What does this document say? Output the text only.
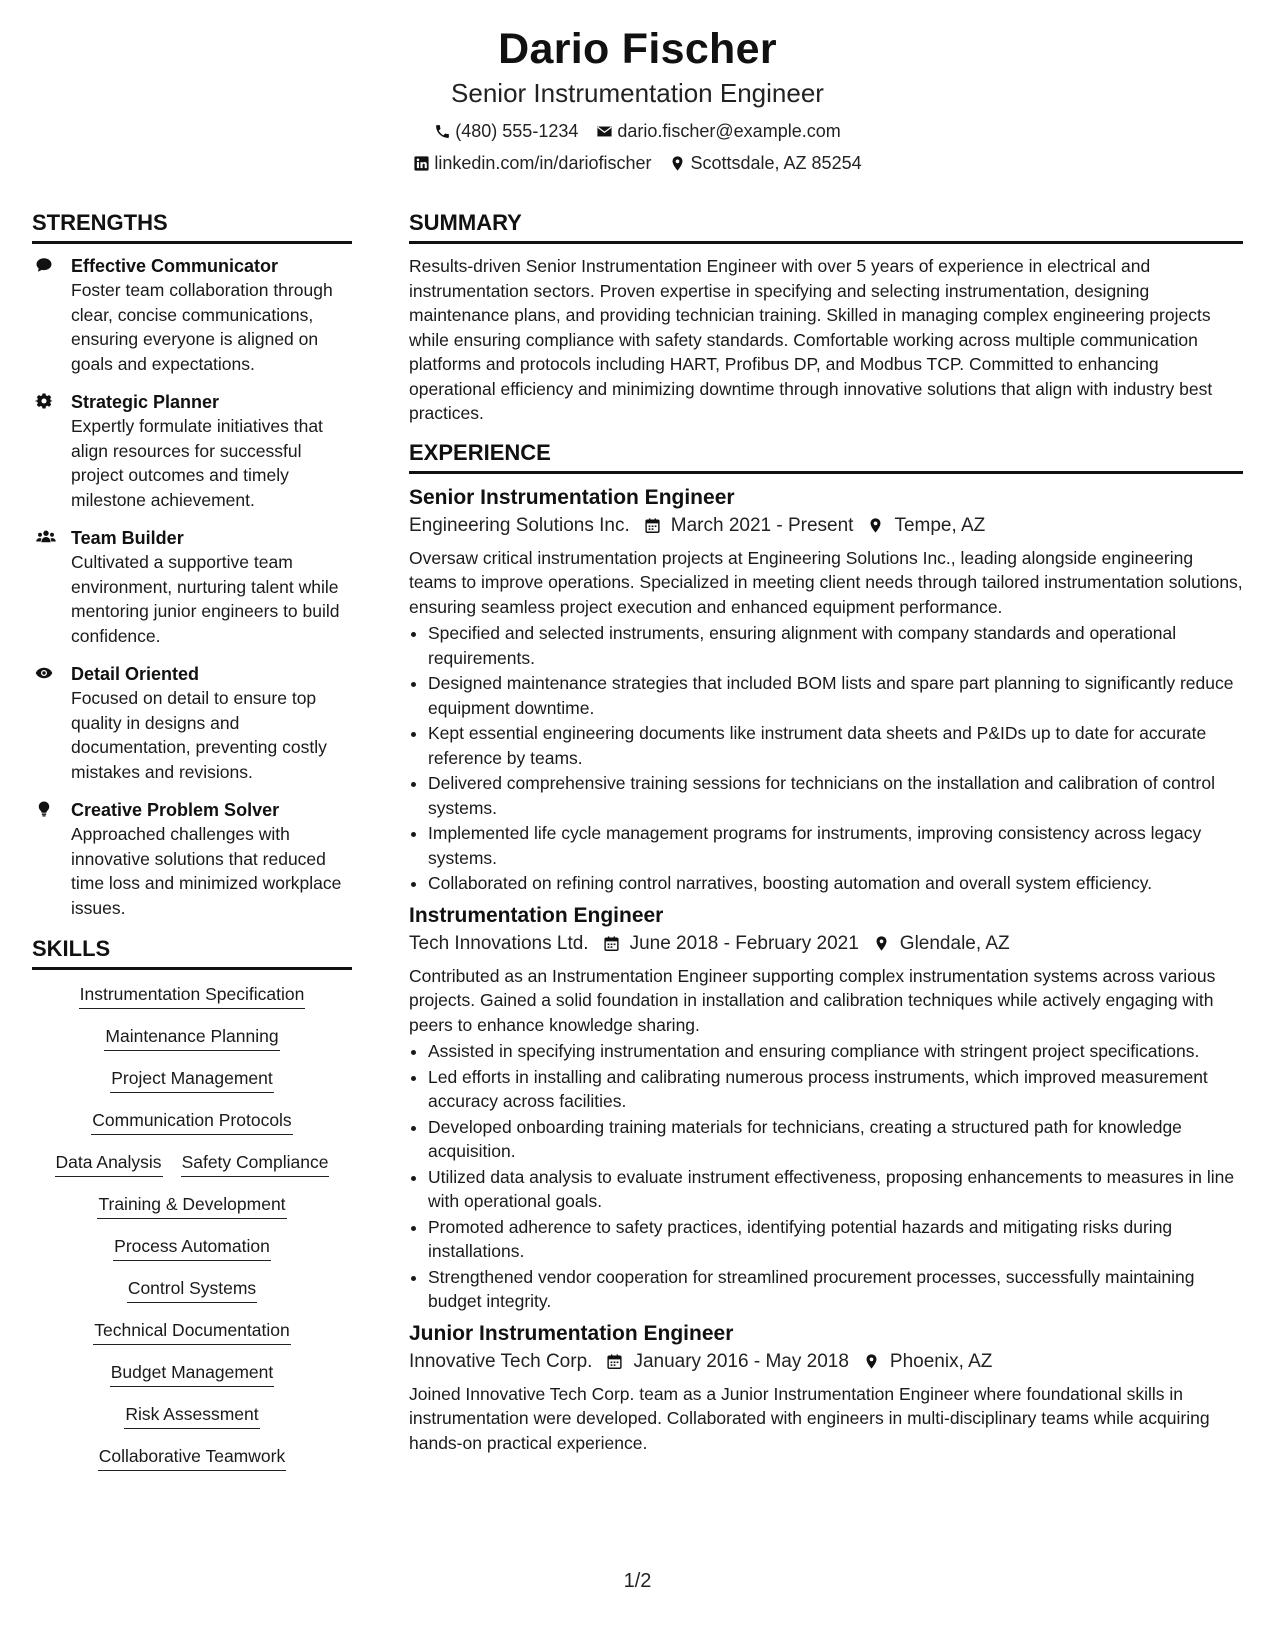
Dario Fischer
Senior Instrumentation Engineer
(480) 555-1234 dario.fischer@example.com
linkedin.com/in/dariofischer Scottsdale, AZ 85254
STRENGTHS
Effective Communicator
Foster team collaboration through clear, concise communications, ensuring everyone is aligned on goals and expectations.
Strategic Planner
Expertly formulate initiatives that align resources for successful project outcomes and timely milestone achievement.
Team Builder
Cultivated a supportive team environment, nurturing talent while mentoring junior engineers to build confidence.
Detail Oriented
Focused on detail to ensure top quality in designs and documentation, preventing costly mistakes and revisions.
Creative Problem Solver
Approached challenges with innovative solutions that reduced time loss and minimized workplace issues.
SKILLS
Instrumentation Specification
Maintenance Planning
Project Management
Communication Protocols
Data Analysis Safety Compliance
Training & Development
Process Automation
Control Systems
Technical Documentation
Budget Management
Risk Assessment
Collaborative Teamwork
SUMMARY
Results-driven Senior Instrumentation Engineer with over 5 years of experience in electrical and instrumentation sectors. Proven expertise in specifying and selecting instrumentation, designing maintenance plans, and providing technician training. Skilled in managing complex engineering projects while ensuring compliance with safety standards. Comfortable working across multiple communication platforms and protocols including HART, Profibus DP, and Modbus TCP. Committed to enhancing operational efficiency and minimizing downtime through innovative solutions that align with industry best practices.
EXPERIENCE
Senior Instrumentation Engineer
Engineering Solutions Inc. March 2021 - Present Tempe, AZ
Oversaw critical instrumentation projects at Engineering Solutions Inc., leading alongside engineering teams to improve operations. Specialized in meeting client needs through tailored instrumentation solutions, ensuring seamless project execution and enhanced equipment performance.
• Specified and selected instruments, ensuring alignment with company standards and operational requirements.
• Designed maintenance strategies that included BOM lists and spare part planning to significantly reduce equipment downtime.
• Kept essential engineering documents like instrument data sheets and P&IDs up to date for accurate reference by teams.
• Delivered comprehensive training sessions for technicians on the installation and calibration of control systems.
• Implemented life cycle management programs for instruments, improving consistency across legacy systems.
• Collaborated on refining control narratives, boosting automation and overall system efficiency.
Instrumentation Engineer
Tech Innovations Ltd. June 2018 - February 2021 Glendale, AZ
Contributed as an Instrumentation Engineer supporting complex instrumentation systems across various projects. Gained a solid foundation in installation and calibration techniques while actively engaging with peers to enhance knowledge sharing.
• Assisted in specifying instrumentation and ensuring compliance with stringent project specifications.
• Led efforts in installing and calibrating numerous process instruments, which improved measurement accuracy across facilities.
• Developed onboarding training materials for technicians, creating a structured path for knowledge acquisition.
• Utilized data analysis to evaluate instrument effectiveness, proposing enhancements to measures in line with operational goals.
• Promoted adherence to safety practices, identifying potential hazards and mitigating risks during installations.
• Strengthened vendor cooperation for streamlined procurement processes, successfully maintaining budget integrity.
Junior Instrumentation Engineer
Innovative Tech Corp. January 2016 - May 2018 Phoenix, AZ
Joined Innovative Tech Corp. team as a Junior Instrumentation Engineer where foundational skills in instrumentation were developed. Collaborated with engineers in multi-disciplinary teams while acquiring hands-on practical experience.
1/2
